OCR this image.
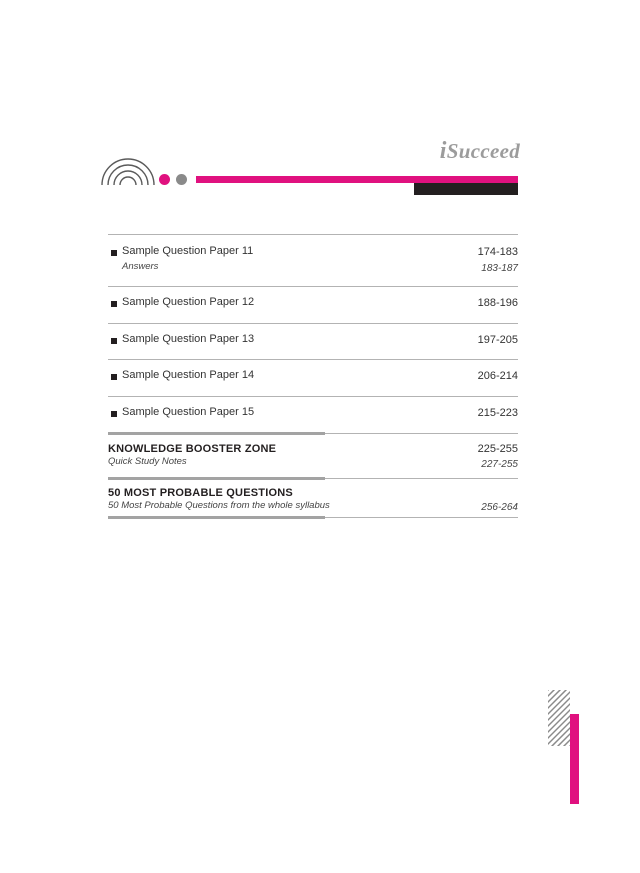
iSucceed
Sample Question Paper 11	174-183
Answers	183-187
Sample Question Paper 12	188-196
Sample Question Paper 13	197-205
Sample Question Paper 14	206-214
Sample Question Paper 15	215-223
KNOWLEDGE BOOSTER ZONE	225-255
Quick Study Notes	227-255
50 MOST PROBABLE QUESTIONS
50 Most Probable Questions from the whole syllabus	256-264
